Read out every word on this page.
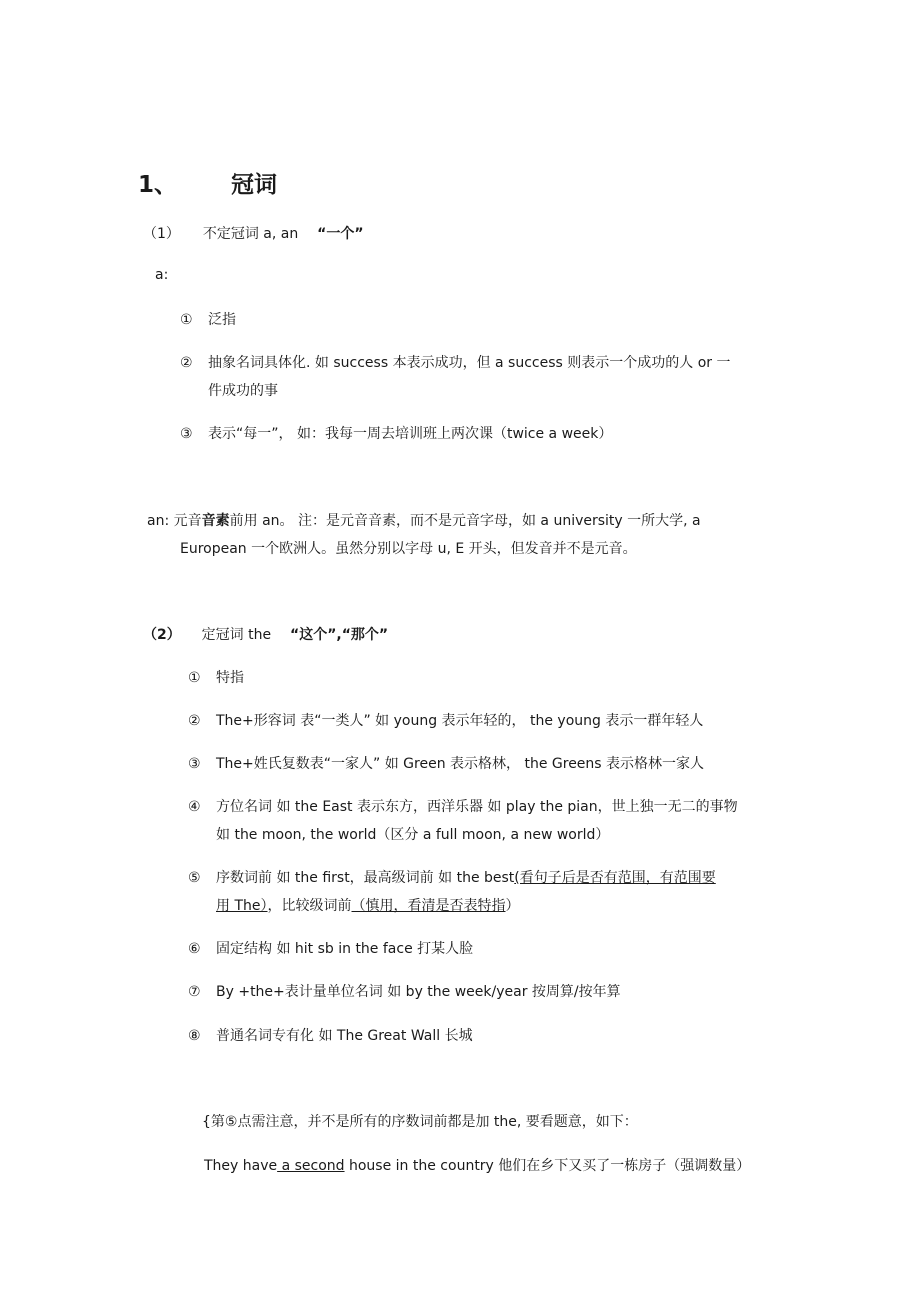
1、 冠词
（1） 不定冠词 a, an “一个”
a:
① 泛指
② 抽象名词具体化. 如 success 本表示成功，但 a success 则表示一个成功的人 or 一
件成功的事
③ 表示“每一”， 如：我每一周去培训班上两次课（twice a week）
an: 元音音素前用 an。 注：是元音音素，而不是元音字母，如 a university 一所大学, a
European 一个欧洲人。虽然分别以字母 u, E 开头，但发音并不是元音。
（2） 定冠词 the “这个”,“那个”
① 特指
② The+形容词 表“一类人” 如 young 表示年轻的， the young 表示一群年轻人
③ The+姓氏复数表“一家人” 如 Green 表示格林， the Greens 表示格林一家人
④ 方位名词 如 the East 表示东方，西洋乐器 如 play the pian，世上独一无二的事物
如 the moon, the world（区分 a full moon, a new world）
⑤ 序数词前 如 the first，最高级词前 如 the best(看句子后是否有范围，有范围要
用 The），比较级词前（慎用，看清是否表特指）
⑥ 固定结构 如 hit sb in the face 打某人脸
⑦ By +the+表计量单位名词 如 by the week/year 按周算/按年算
⑧ 普通名词专有化 如 The Great Wall 长城
{第⑤点需注意，并不是所有的序数词前都是加 the, 要看题意，如下：
They have a second house in the country 他们在乡下又买了一栋房子（强调数量）
